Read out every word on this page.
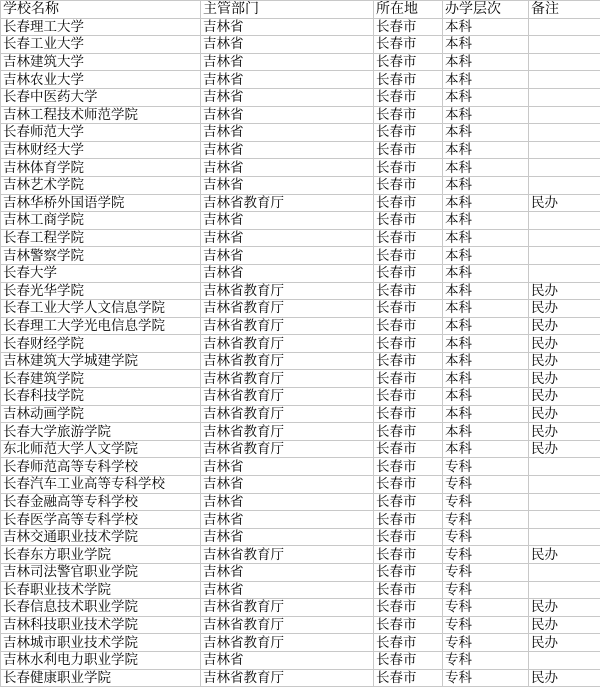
学校名称	主管部门	所在地	办学层次	备注
长春理工大学	吉林省	长春市	本科	
长春工业大学	吉林省	长春市	本科	
吉林建筑大学	吉林省	长春市	本科	
吉林农业大学	吉林省	长春市	本科	
长春中医药大学	吉林省	长春市	本科	
吉林工程技术师范学院	吉林省	长春市	本科	
长春师范大学	吉林省	长春市	本科	
吉林财经大学	吉林省	长春市	本科	
吉林体育学院	吉林省	长春市	本科	
吉林艺术学院	吉林省	长春市	本科	
吉林华桥外国语学院	吉林省教育厅	长春市	本科	民办
吉林工商学院	吉林省	长春市	本科	
长春工程学院	吉林省	长春市	本科	
吉林警察学院	吉林省	长春市	本科	
长春大学	吉林省	长春市	本科	
长春光华学院	吉林省教育厅	长春市	本科	民办
长春工业大学人文信息学院	吉林省教育厅	长春市	本科	民办
长春理工大学光电信息学院	吉林省教育厅	长春市	本科	民办
长春财经学院	吉林省教育厅	长春市	本科	民办
吉林建筑大学城建学院	吉林省教育厅	长春市	本科	民办
长春建筑学院	吉林省教育厅	长春市	本科	民办
长春科技学院	吉林省教育厅	长春市	本科	民办
吉林动画学院	吉林省教育厅	长春市	本科	民办
长春大学旅游学院	吉林省教育厅	长春市	本科	民办
东北师范大学人文学院	吉林省教育厅	长春市	本科	民办
长春师范高等专科学校	吉林省	长春市	专科	
长春汽车工业高等专科学校	吉林省	长春市	专科	
长春金融高等专科学校	吉林省	长春市	专科	
长春医学高等专科学校	吉林省	长春市	专科	
吉林交通职业技术学院	吉林省	长春市	专科	
长春东方职业学院	吉林省教育厅	长春市	专科	民办
吉林司法警官职业学院	吉林省	长春市	专科	
长春职业技术学院	吉林省	长春市	专科	
长春信息技术职业学院	吉林省教育厅	长春市	专科	民办
吉林科技职业技术学院	吉林省教育厅	长春市	专科	民办
吉林城市职业技术学院	吉林省教育厅	长春市	专科	民办
吉林水利电力职业学院	吉林省	长春市	专科	
长春健康职业学院	吉林省教育厅	长春市	专科	民办
